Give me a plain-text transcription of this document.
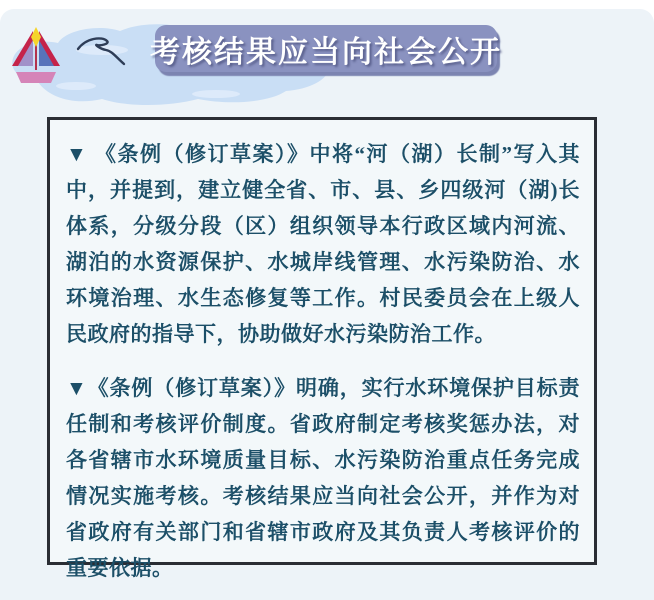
考核结果应当向社会公开

▼ 《条例（修订草案）》中将“河（湖）长制”写入其中，并提到，建立健全省、市、县、乡四级河（湖)长体系，分级分段（区）组织领导本行政区域内河流、湖泊的水资源保护、水城岸线管理、水污染防治、水环境治理、水生态修复等工作。村民委员会在上级人民政府的指导下，协助做好水污染防治工作。

▼《条例（修订草案）》明确，实行水环境保护目标责任制和考核评价制度。省政府制定考核奖惩办法，对各省辖市水环境质量目标、水污染防治重点任务完成情况实施考核。考核结果应当向社会公开，并作为对省政府有关部门和省辖市政府及其负责人考核评价的重要依据。
